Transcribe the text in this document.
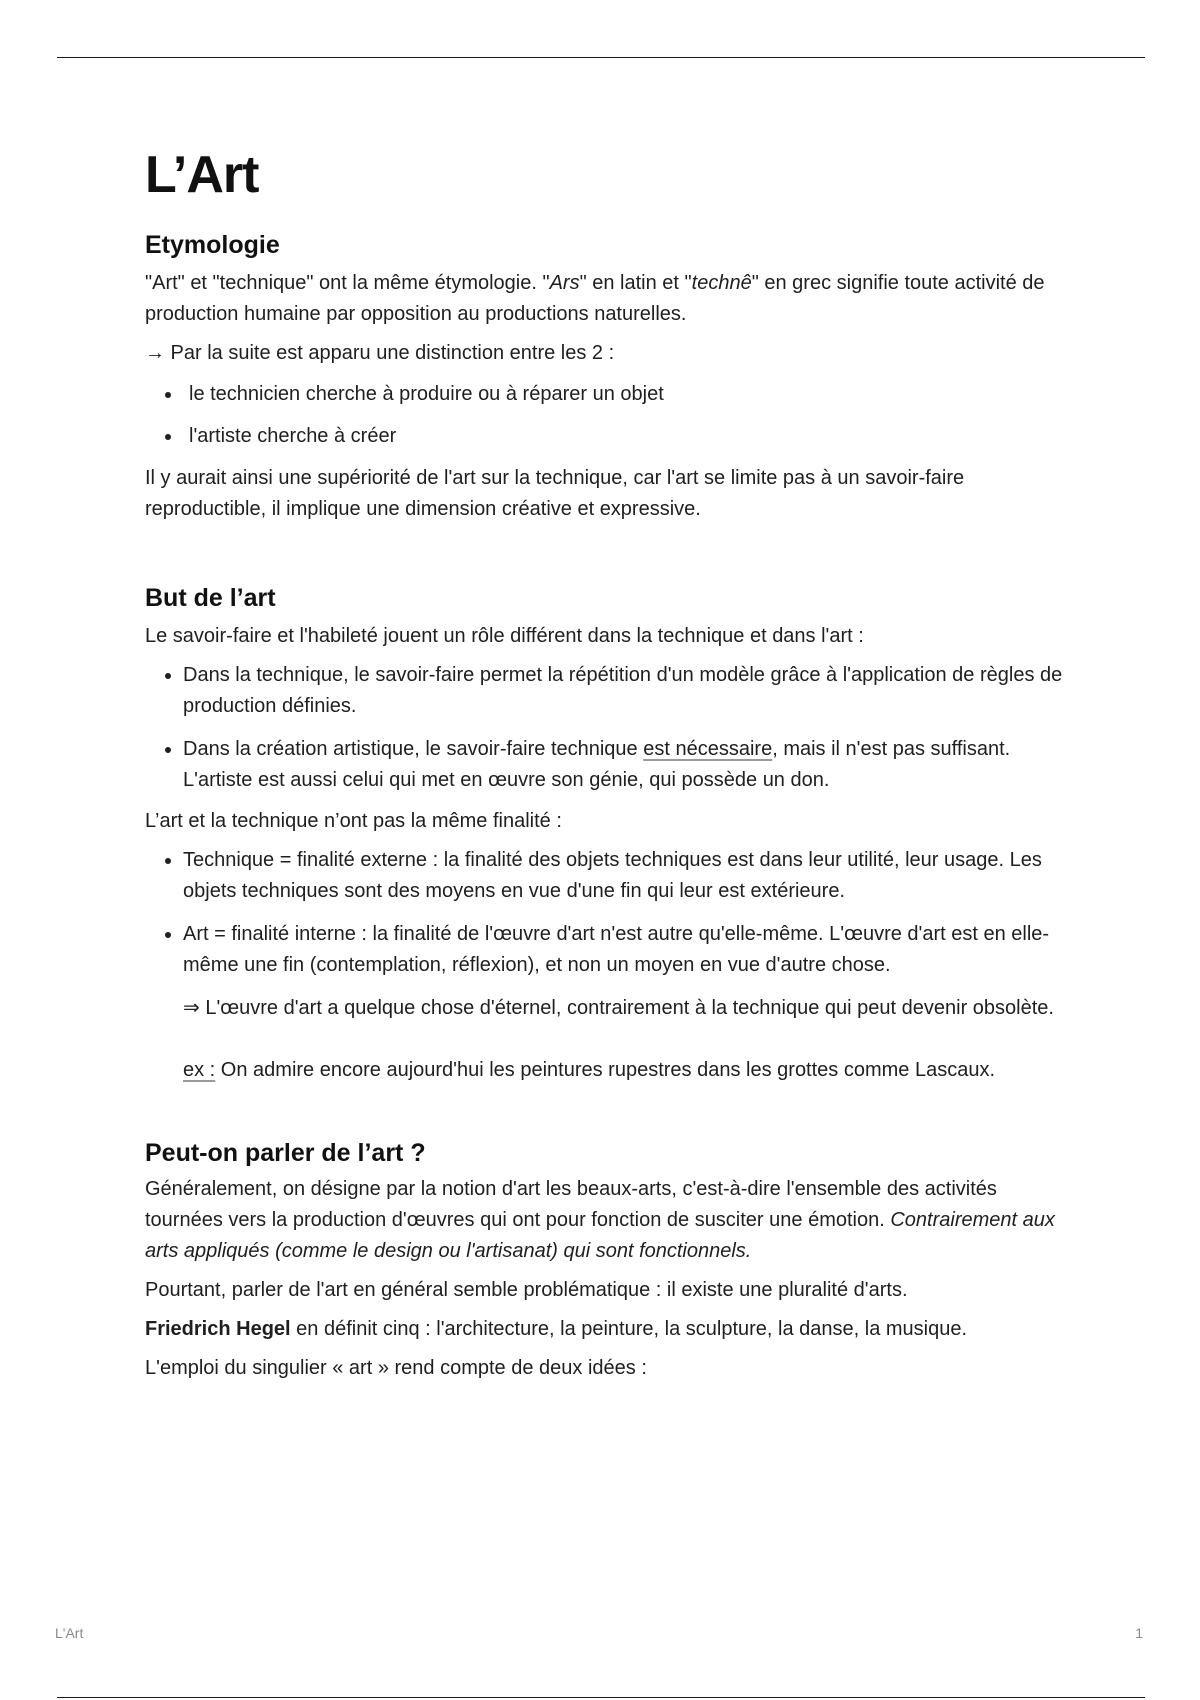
L’Art
Etymologie

"Art" et "technique" ont la même étymologie. "Ars" en latin et "technê" en grec signifie toute activité de production humaine par opposition au productions naturelles.

→ Par la suite est apparu une distinction entre les 2 :

• le technicien cherche à produire ou à réparer un objet
• l'artiste cherche à créer

Il y aurait ainsi une supériorité de l'art sur la technique, car l'art se limite pas à un savoir-faire reproductible, il implique une dimension créative et expressive.

But de l’art

Le savoir-faire et l'habileté jouent un rôle différent dans la technique et dans l'art :

• Dans la technique, le savoir-faire permet la répétition d'un modèle grâce à l'application de règles de production définies.
• Dans la création artistique, le savoir-faire technique est nécessaire, mais il n'est pas suffisant. L'artiste est aussi celui qui met en œuvre son génie, qui possède un don.

L’art et la technique n’ont pas la même finalité :

• Technique = finalité externe : la finalité des objets techniques est dans leur utilité, leur usage. Les objets techniques sont des moyens en vue d'une fin qui leur est extérieure.
• Art = finalité interne : la finalité de l'œuvre d'art n'est autre qu'elle-même. L'œuvre d'art est en elle-même une fin (contemplation, réflexion), et non un moyen en vue d'autre chose.
⇒ L'œuvre d'art a quelque chose d'éternel, contrairement à la technique qui peut devenir obsolète.
ex : On admire encore aujourd'hui les peintures rupestres dans les grottes comme Lascaux.
Peut-on parler de l’art ?

Généralement, on désigne par la notion d'art les beaux-arts, c'est-à-dire l'ensemble des activités tournées vers la production d'œuvres qui ont pour fonction de susciter une émotion. Contrairement aux arts appliqués (comme le design ou l'artisanat) qui sont fonctionnels.

Pourtant, parler de l'art en général semble problématique : il existe une pluralité d'arts.

Friedrich Hegel en définit cinq : l'architecture, la peinture, la sculpture, la danse, la musique.

L'emploi du singulier « art » rend compte de deux idées :

L'Art	1
